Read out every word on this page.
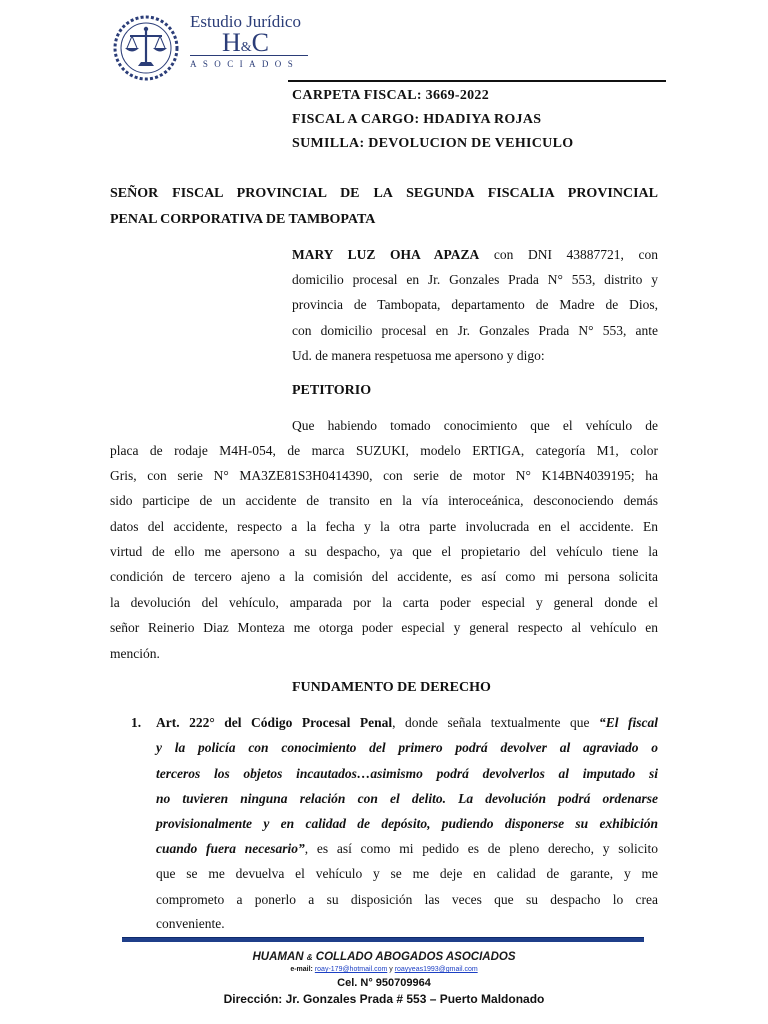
Estudio Jurídico
H&C
ASOCIADOS
CARPETA FISCAL: 3669-2022
FISCAL A CARGO: HDADIYA ROJAS
SUMILLA: DEVOLUCION DE VEHICULO
SEÑOR FISCAL PROVINCIAL DE LA SEGUNDA FISCALIA PROVINCIAL
PENAL CORPORATIVA DE TAMBOPATA
MARY LUZ OHA APAZA con DNI 43887721, con
domicilio procesal en Jr. Gonzales Prada N° 553, distrito y
provincia de Tambopata, departamento de Madre de Dios,
con domicilio procesal en Jr. Gonzales Prada N° 553, ante
Ud. de manera respetuosa me apersono y digo:
PETITORIO
Que habiendo tomado conocimiento que el vehículo de
placa de rodaje M4H-054, de marca SUZUKI, modelo ERTIGA, categoría M1, color
Gris, con serie N° MA3ZE81S3H0414390, con serie de motor N° K14BN4039195; ha
sido participe de un accidente de transito en la vía interoceánica, desconociendo demás
datos del accidente, respecto a la fecha y la otra parte involucrada en el accidente. En
virtud de ello me apersono a su despacho, ya que el propietario del vehículo tiene la
condición de tercero ajeno a la comisión del accidente, es así como mi persona solicita
la devolución del vehículo, amparada por la carta poder especial y general donde el
señor Reinerio Diaz Monteza me otorga poder especial y general respecto al vehículo en
mención.
FUNDAMENTO DE DERECHO
1. Art. 222° del Código Procesal Penal, donde señala textualmente que “El fiscal
y la policía con conocimiento del primero podrá devolver al agraviado o
terceros los objetos incautados…asimismo podrá devolverlos al imputado si
no tuvieren ninguna relación con el delito. La devolución podrá ordenarse
provisionalmente y en calidad de depósito, pudiendo disponerse su exhibición
cuando fuera necesario”, es así como mi pedido es de pleno derecho, y solicito
que se me devuelva el vehículo y se me deje en calidad de garante, y me
comprometo a ponerlo a su disposición las veces que su despacho lo crea
conveniente.
HUAMAN & COLLADO ABOGADOS ASOCIADOS
e-mail: roay-179@hotmail.com y roayyeas1993@gmail.com
Cel. N° 950709964
Dirección: Jr. Gonzales Prada # 553 – Puerto Maldonado
